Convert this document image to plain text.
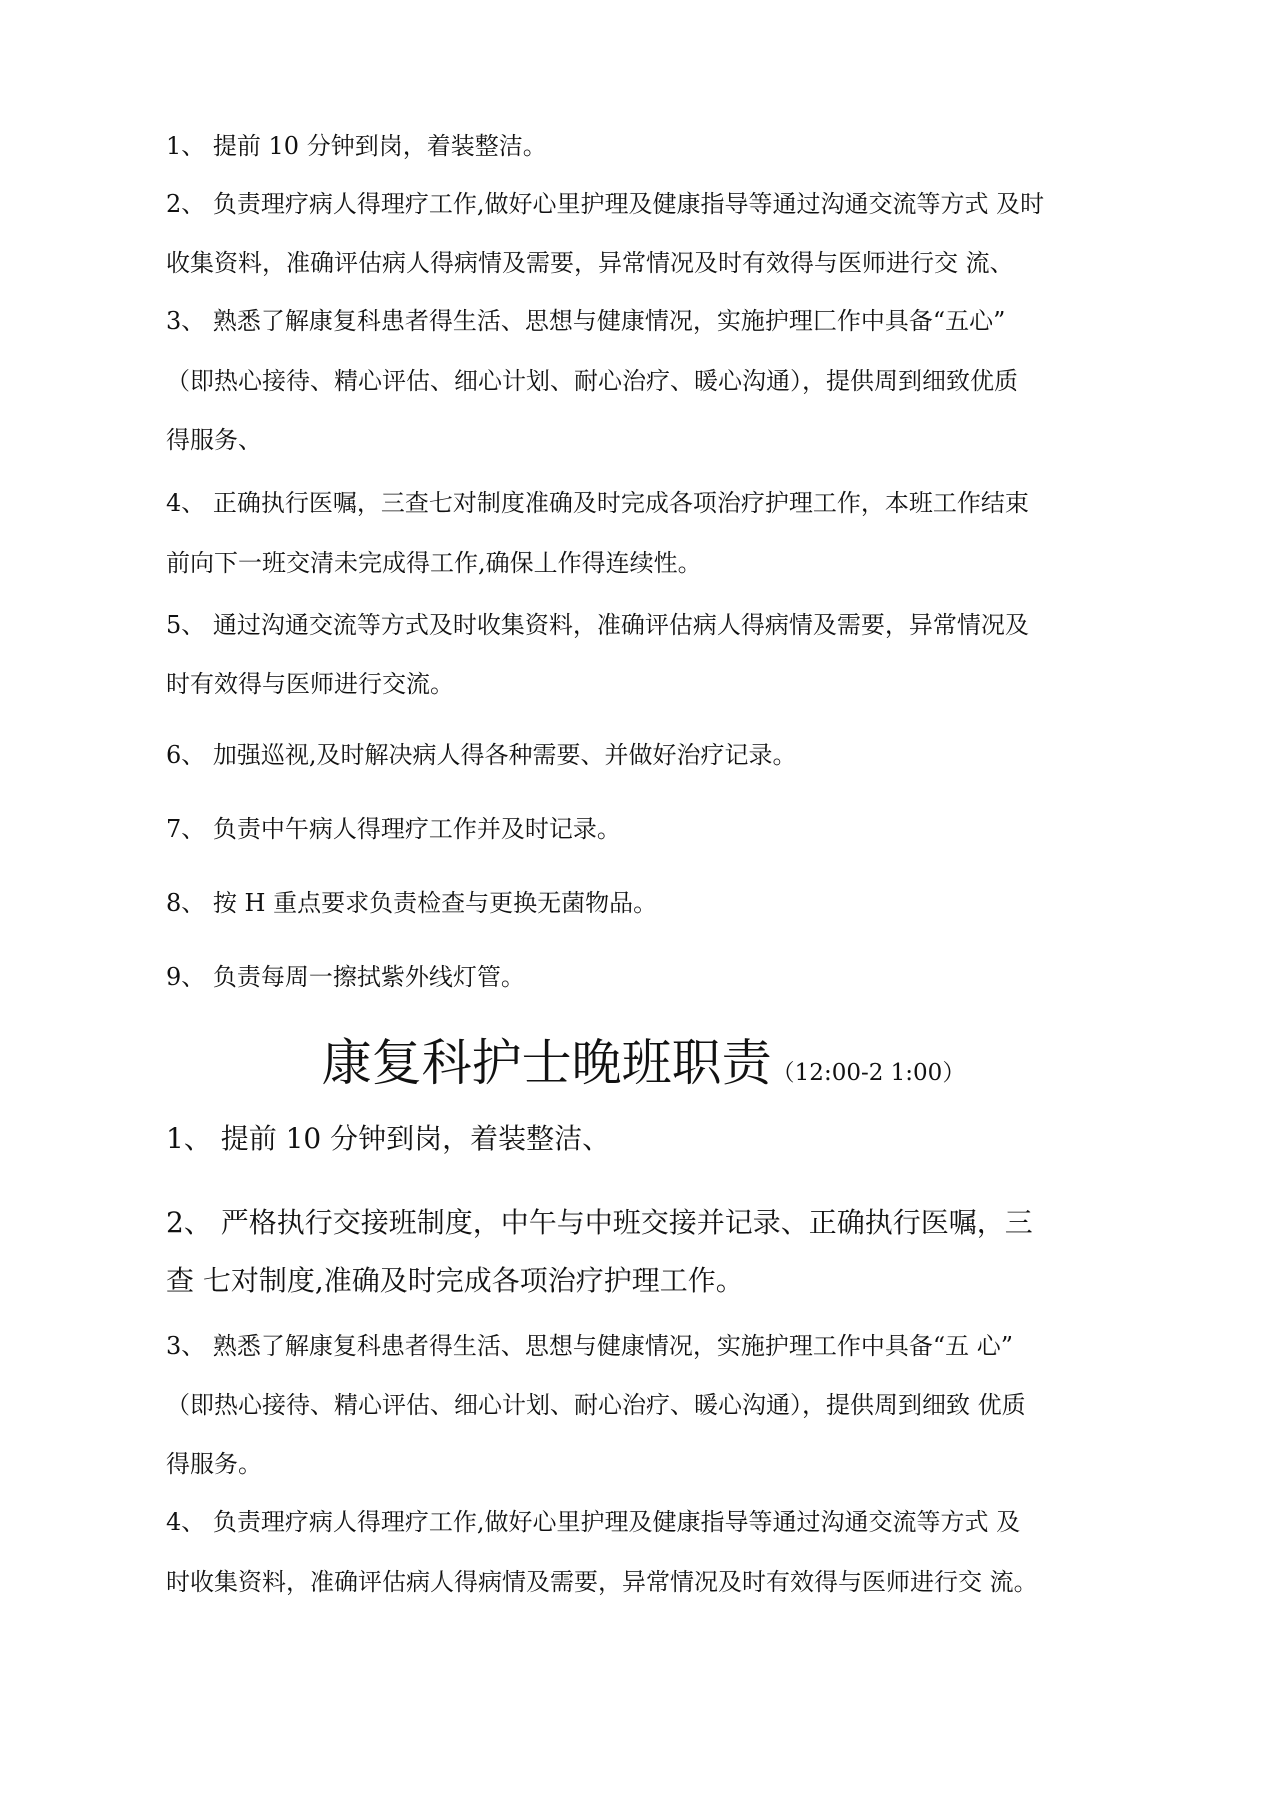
1、 提前 10 分钟到岗，着装整洁。
2、 负责理疗病人得理疗工作,做好心里护理及健康指导等通过沟通交流等方式 及时
收集资料，准确评估病人得病情及需要，异常情况及时有效得与医师进行交 流、
3、 熟悉了解康复科患者得生活、思想与健康情况，实施护理匚作中具备“五心”
（即热心接待、精心评估、细心计划、耐心治疗、暖心沟通），提供周到细致优质
得服务、
4、 正确执行医嘱，三查七对制度准确及时完成各项治疗护理工作，本班工作结束
前向下一班交清未完成得工作,确保丄作得连续性。
5、 通过沟通交流等方式及时收集资料，准确评估病人得病情及需要，异常情况及
时有效得与医师进行交流。
6、 加强巡视,及时解决病人得各种需要、并做好治疗记录。
7、 负责中午病人得理疗工作并及时记录。
8、 按 H 重点要求负责检查与更换无菌物品。
9、 负责每周一擦拭紫外线灯管。
康复科护士晚班职责（12:00-2 1:00）
1、 提前 10 分钟到岗，着装整洁、
2、 严格执行交接班制度，中午与中班交接并记录、正确执行医嘱，三
查 七对制度,准确及时完成各项治疗护理工作。
3、 熟悉了解康复科患者得生活、思想与健康情况，实施护理工作中具备“五 心”
（即热心接待、精心评估、细心计划、耐心治疗、暖心沟通），提供周到细致 优质
得服务。
4、 负责理疗病人得理疗工作,做好心里护理及健康指导等通过沟通交流等方式 及
时收集资料，准确评估病人得病情及需要，异常情况及时有效得与医师进行交 流。
